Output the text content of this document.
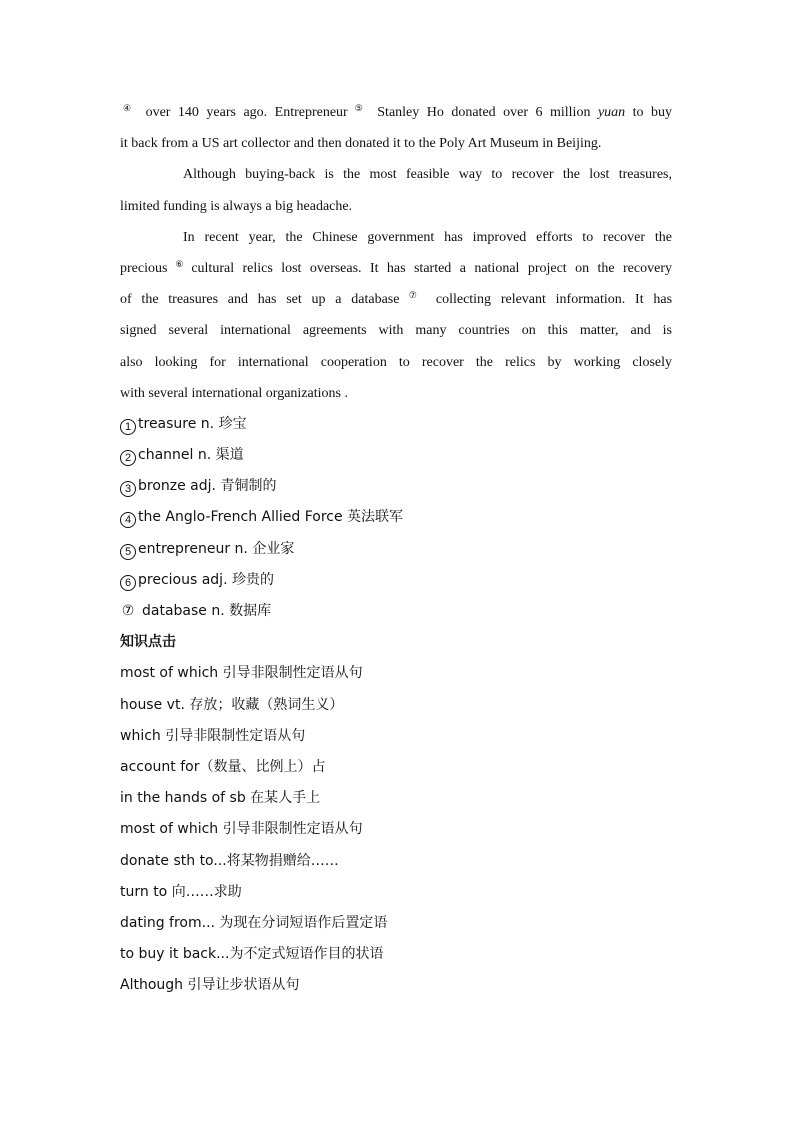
④ over 140 years ago. Entrepreneur ⑤ Stanley Ho donated over 6 million yuan to buy
it back from a US art collector and then donated it to the Poly Art Museum in Beijing.
Although buying-back is the most feasible way to recover the lost treasures,
limited funding is always a big headache.
In recent year, the Chinese government has improved efforts to recover the
precious ⑥ cultural relics lost overseas. It has started a national project on the recovery
of the treasures and has set up a database ⑦ collecting relevant information. It has
signed several international agreements with many countries on this matter, and is
also looking for international cooperation to recover the relics by working closely
with several international organizations .
1 treasure n. 珍宝
2 channel n. 渠道
3 bronze adj. 青铜制的
4 the Anglo-French Allied Force 英法联军
5 entrepreneur n. 企业家
6 precious adj. 珍贵的
⑦ database n. 数据库
知识点击
most of which 引导非限制性定语从句
house vt. 存放；收藏（熟词生义）
which 引导非限制性定语从句
account for（数量、比例上）占
in the hands of sb 在某人手上
most of which 引导非限制性定语从句
donate sth to...将某物捐赠给……
turn to 向……求助
dating from... 为现在分词短语作后置定语
to buy it back...为不定式短语作目的状语
Although 引导让步状语从句
